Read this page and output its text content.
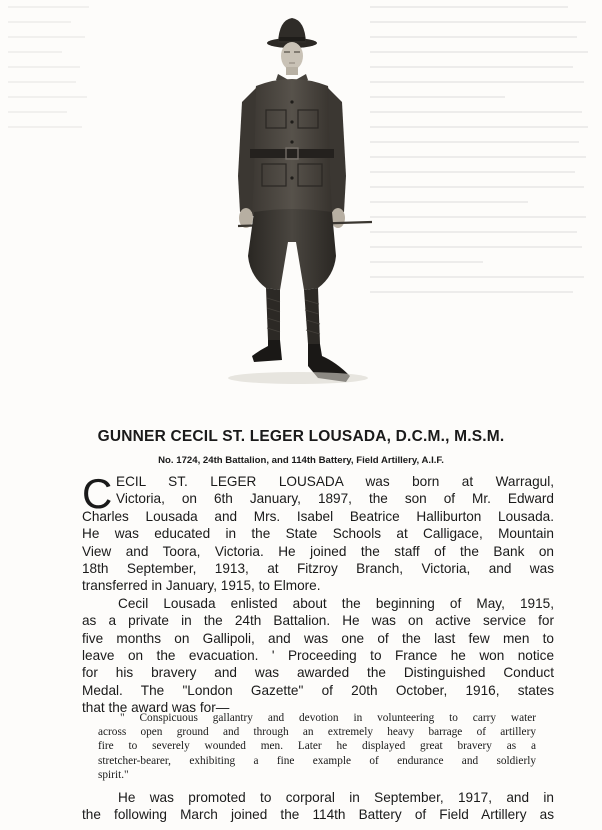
GUNNER CECIL ST. LEGER LOUSADA, D.C.M., M.S.M.
No. 1724, 24th Battalion, and 114th Battery, Field Artillery, A.I.F.
C ECIL ST. LEGER LOUSADA was born at Warragul,
Victoria, on 6th January, 1897, the son of Mr. Edward
Charles Lousada and Mrs. Isabel Beatrice Halliburton Lousada.
He was educated in the State Schools at Calligace, Mountain
View and Toora, Victoria. He joined the staff of the Bank on
18th September, 1913, at Fitzroy Branch, Victoria, and was
transferred in January, 1915, to Elmore.
Cecil Lousada enlisted about the beginning of May, 1915,
as a private in the 24th Battalion. He was on active service for
five months on Gallipoli, and was one of the last few men to
leave on the evacuation. ' Proceeding to France he won notice
for his bravery and was awarded the Distinguished Conduct
Medal. The "London Gazette" of 20th October, 1916, states
that the award was for—
" Conspicuous gallantry and devotion in volunteering to carry water
across open ground and through an extremely heavy barrage of artillery
fire to severely wounded men. Later he displayed great bravery as a
stretcher-bearer, exhibiting a fine example of endurance and soldierly
spirit."
He was promoted to corporal in September, 1917, and in
the following March joined the 114th Battery of Field Artillery as
